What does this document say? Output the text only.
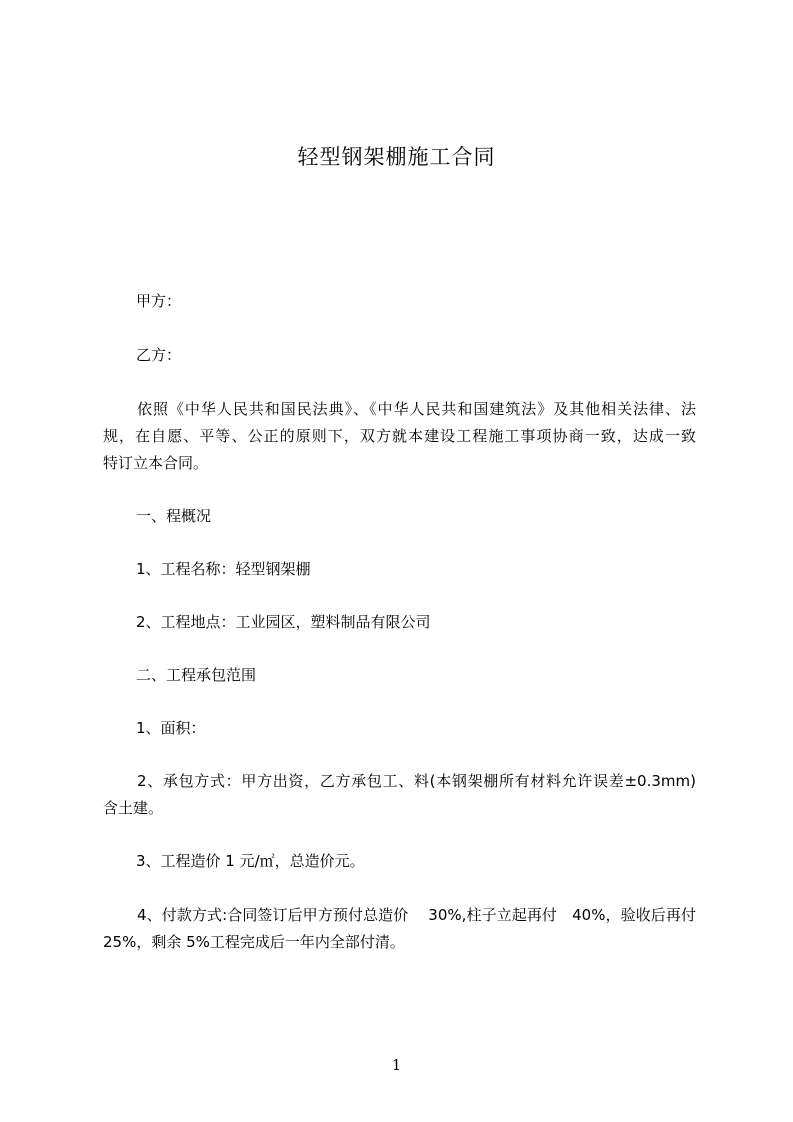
轻型钢架棚施工合同
甲方：
乙方：
依照《中华人民共和国民法典》、《中华人民共和国建筑法》及其他相关法律、法
规，在自愿、平等、公正的原则下，双方就本建设工程施工事项协商一致，达成一致
特订立本合同。
一、程概况
1、工程名称：轻型钢架棚
2、工程地点：工业园区，塑料制品有限公司
二、工程承包范围
1、面积：
2、承包方式：甲方出资，乙方承包工、料(本钢架棚所有材料允许误差±0.3mm)
含土建。
3、工程造价 1 元/㎡，总造价元。
4、付款方式:合同签订后甲方预付总造价　 30%,柱子立起再付　40%，验收后再付
25%，剩余 5%工程完成后一年内全部付清。
1
